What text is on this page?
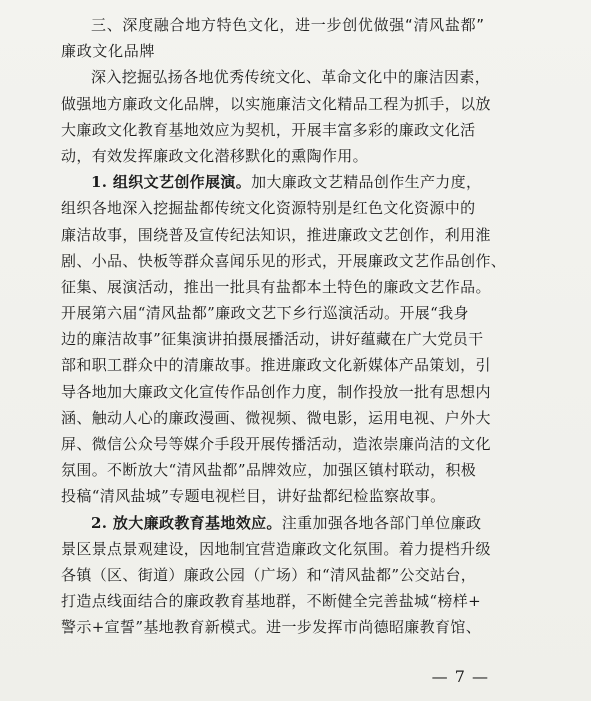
三、深度融合地方特色文化，进一步创优做强“清风盐都”
廉政文化品牌
深入挖掘弘扬各地优秀传统文化、革命文化中的廉洁因素，
做强地方廉政文化品牌，以实施廉洁文化精品工程为抓手，以放
大廉政文化教育基地效应为契机，开展丰富多彩的廉政文化活
动，有效发挥廉政文化潜移默化的熏陶作用。
1. 组织文艺创作展演。加大廉政文艺精品创作生产力度，
组织各地深入挖掘盐都传统文化资源特别是红色文化资源中的
廉洁故事，围绕普及宣传纪法知识，推进廉政文艺创作，利用淮
剧、小品、快板等群众喜闻乐见的形式，开展廉政文艺作品创作、
征集、展演活动，推出一批具有盐都本土特色的廉政文艺作品。
开展第六届“清风盐都”廉政文艺下乡行巡演活动。开展“我身
边的廉洁故事”征集演讲拍摄展播活动，讲好蕴藏在广大党员干
部和职工群众中的清廉故事。推进廉政文化新媒体产品策划，引
导各地加大廉政文化宣传作品创作力度，制作投放一批有思想内
涵、触动人心的廉政漫画、微视频、微电影，运用电视、户外大
屏、微信公众号等媒介手段开展传播活动，造浓崇廉尚洁的文化
氛围。不断放大“清风盐都”品牌效应，加强区镇村联动，积极
投稿“清风盐城”专题电视栏目，讲好盐都纪检监察故事。
2. 放大廉政教育基地效应。注重加强各地各部门单位廉政
景区景点景观建设，因地制宜营造廉政文化氛围。着力提档升级
各镇（区、街道）廉政公园（广场）和“清风盐都”公交站台，
打造点线面结合的廉政教育基地群，不断健全完善盐城“榜样+
警示+宣誓”基地教育新模式。进一步发挥市尚德昭廉教育馆、
— 7 —
